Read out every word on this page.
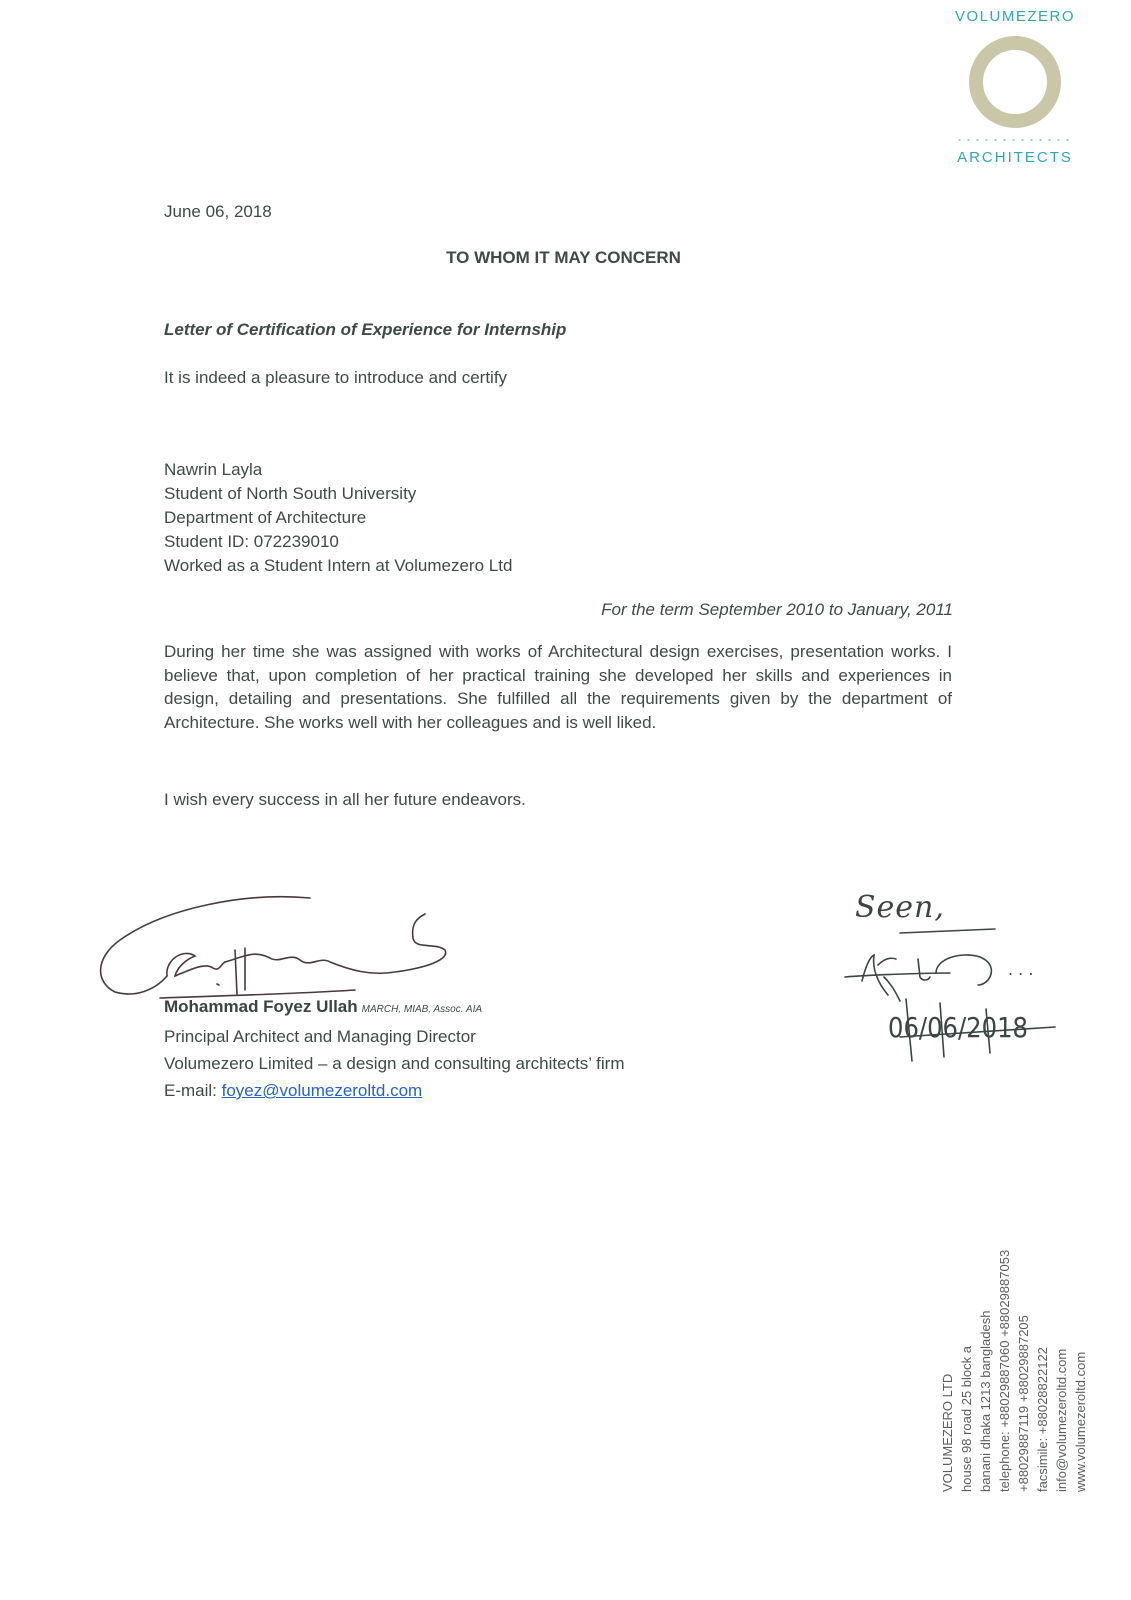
VOLUMEZERO
ARCHITECTS
June 06, 2018
TO WHOM IT MAY CONCERN
Letter of Certification of Experience for Internship
It is indeed a pleasure to introduce and certify
Nawrin Layla
Student of North South University
Department of Architecture
Student ID: 072239010
Worked as a Student Intern at Volumezero Ltd
For the term September 2010 to January, 2011
During her time she was assigned with works of Architectural design exercises, presentation works. I believe that, upon completion of her practical training she developed her skills and experiences in design, detailing and presentations. She fulfilled all the requirements given by the department of Architecture. She works well with her colleagues and is well liked.
I wish every success in all her future endeavors.
Mohammad Foyez Ullah MARCH, MIAB, Assoc. AIA
Principal Architect and Managing Director
Volumezero Limited – a design and consulting architects’ firm
E-mail: foyez@volumezeroltd.com
Seen,
. . .
06/06/2018
VOLUMEZERO LTD house 98 road 25 block a banani dhaka 1213 bangladesh telephone: +88029887060 +88029887053 +88029887119 +88029887205 facsimile: +88028822122 info@volumezeroltd.com www.volumezeroltd.com
